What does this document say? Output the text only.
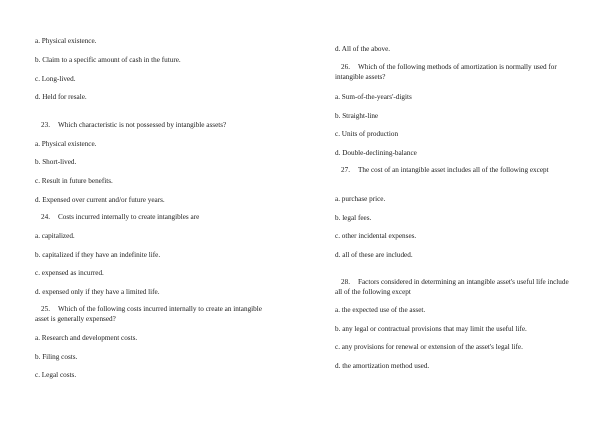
a. Physical existence.
b. Claim to a specific amount of cash in the future.
c. Long-lived.
d. Held for resale.
23. Which characteristic is not possessed by intangible assets?
a. Physical existence.
b. Short-lived.
c. Result in future benefits.
d. Expensed over current and/or future years.
24. Costs incurred internally to create intangibles are
a. capitalized.
b. capitalized if they have an indefinite life.
c. expensed as incurred.
d. expensed only if they have a limited life.
25. Which of the following costs incurred internally to create an intangible asset is generally expensed?
a. Research and development costs.
b. Filing costs.
c. Legal costs.
d. All of the above.
26. Which of the following methods of amortization is normally used for intangible assets?
a. Sum-of-the-years'-digits
b. Straight-line
c. Units of production
d. Double-declining-balance
27. The cost of an intangible asset includes all of the following except
a. purchase price.
b. legal fees.
c. other incidental expenses.
d. all of these are included.
28. Factors considered in determining an intangible asset's useful life include all of the following except
a. the expected use of the asset.
b. any legal or contractual provisions that may limit the useful life.
c. any provisions for renewal or extension of the asset's legal life.
d. the amortization method used.
